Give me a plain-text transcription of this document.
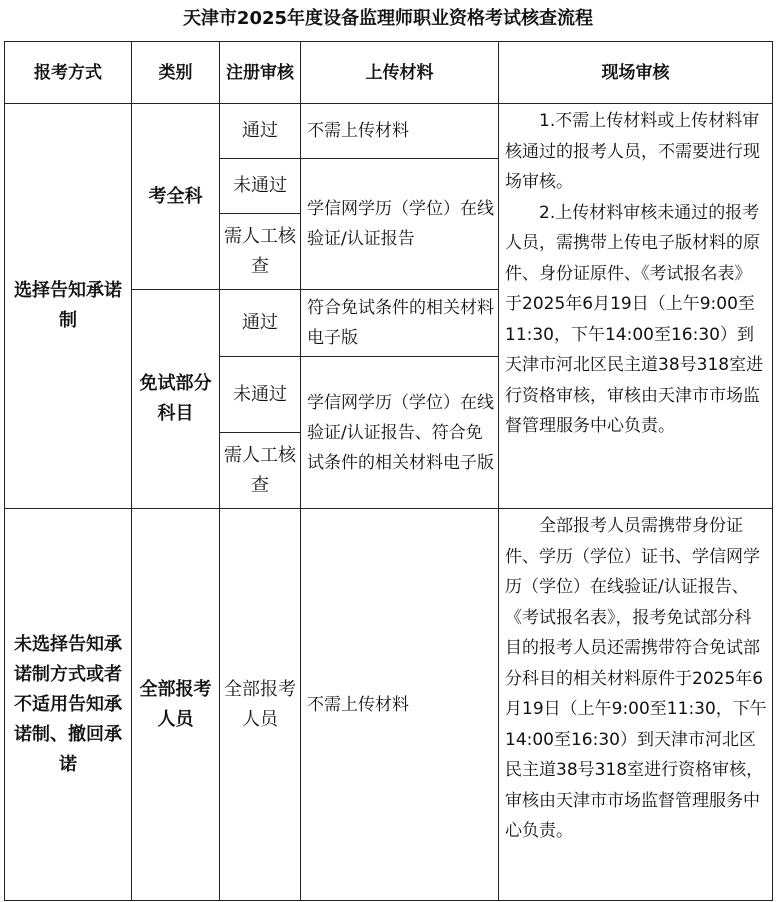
天津市2025年度设备监理师职业资格考试核查流程
报考方式	类别	注册审核	上传材料	现场审核
选择告知承诺制	考全科	通过	不需上传材料	1.不需上传材料或上传材料审核通过的报考人员，不需要进行现场审核。
2.上传材料审核未通过的报考人员，需携带上传电子版材料的原件、身份证原件、《考试报名表》于2025年6月19日（上午9:00至11:30，下午14:00至16:30）到天津市河北区民主道38号318室进行资格审核，审核由天津市市场监督管理服务中心负责。

		未通过	学信网学历（学位）在线验证/认证报告	
		需人工核查		
	免试部分科目	通过	符合免试条件的相关材料电子版	
		未通过	学信网学历（学位）在线验证/认证报告、符合免试条件的相关材料电子版	
		需人工核查		
未选择告知承诺制方式或者不适用告知承诺制、撤回承诺	全部报考人员	全部报考人员	不需上传材料	全部报考人员需携带身份证件、学历（学位）证书、学信网学历（学位）在线验证/认证报告、《考试报名表》，报考免试部分科目的报考人员还需携带符合免试部分科目的相关材料原件于2025年6月19日（上午9:00至11:30，下午14:00至16:30）到天津市河北区民主道38号318室进行资格审核，审核由天津市市场监督管理服务中心负责。
